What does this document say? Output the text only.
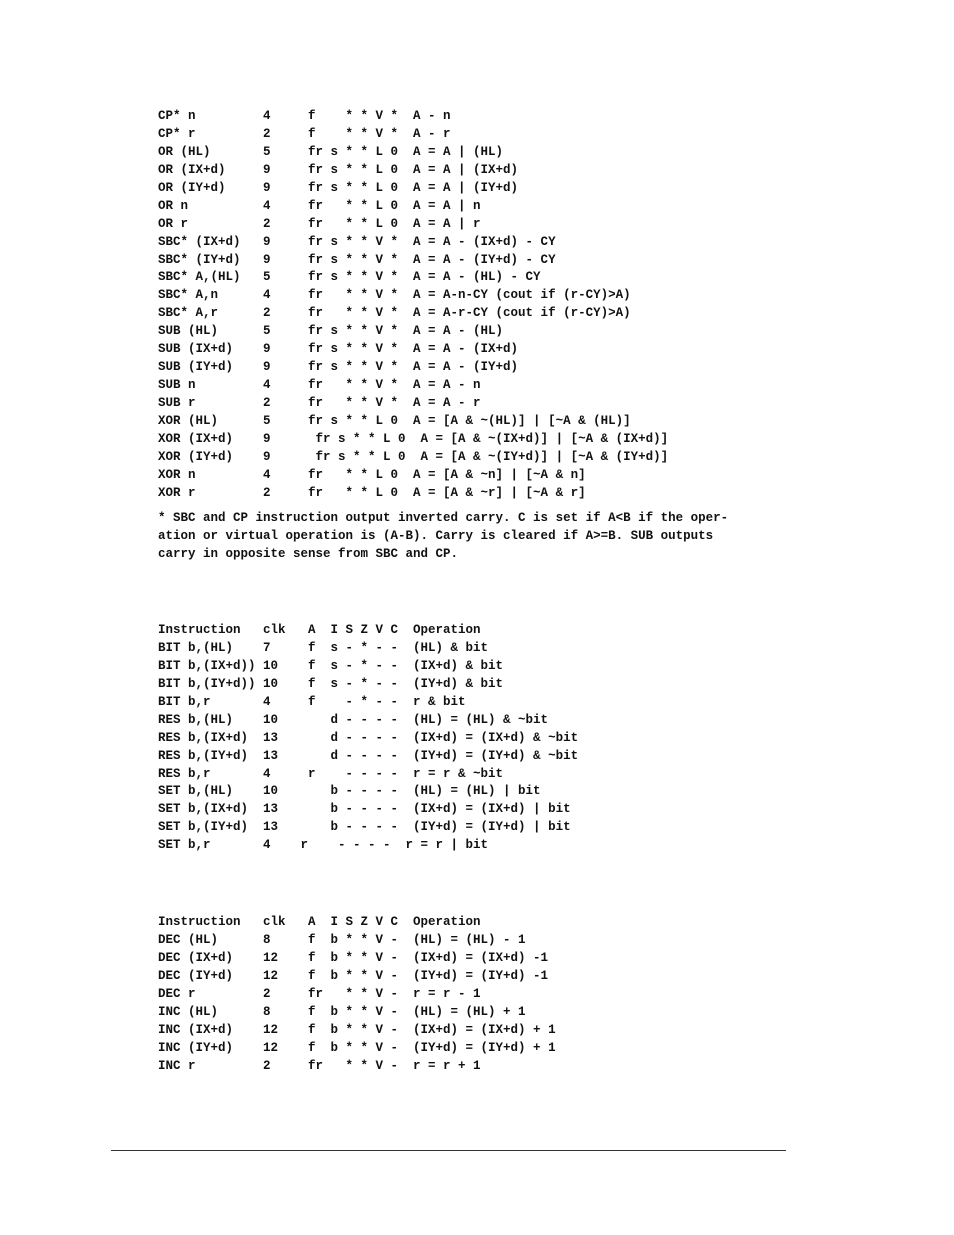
CP* n         4     f    * * V *  A - n
CP* r         2     f    * * V *  A - r
OR (HL)       5     fr s * * L 0  A = A | (HL)
OR (IX+d)     9     fr s * * L 0  A = A | (IX+d)
OR (IY+d)     9     fr s * * L 0  A = A | (IY+d)
OR n          4     fr   * * L 0  A = A | n
OR r          2     fr   * * L 0  A = A | r
SBC* (IX+d)   9     fr s * * V *  A = A - (IX+d) - CY
SBC* (IY+d)   9     fr s * * V *  A = A - (IY+d) - CY
SBC* A,(HL)   5     fr s * * V *  A = A - (HL) - CY
SBC* A,n      4     fr   * * V *  A = A-n-CY (cout if (r-CY)>A)
SBC* A,r      2     fr   * * V *  A = A-r-CY (cout if (r-CY)>A)
SUB (HL)      5     fr s * * V *  A = A - (HL)
SUB (IX+d)    9     fr s * * V *  A = A - (IX+d)
SUB (IY+d)    9     fr s * * V *  A = A - (IY+d)
SUB n         4     fr   * * V *  A = A - n
SUB r         2     fr   * * V *  A = A - r
XOR (HL)      5     fr s * * L 0  A = [A & ~(HL)] | [~A & (HL)]
XOR (IX+d)    9      fr s * * L 0  A = [A & ~(IX+d)] | [~A & (IX+d)]
XOR (IY+d)    9      fr s * * L 0  A = [A & ~(IY+d)] | [~A & (IY+d)]
XOR n         4     fr   * * L 0  A = [A & ~n] | [~A & n]
XOR r         2     fr   * * L 0  A = [A & ~r] | [~A & r]
* SBC and CP instruction output inverted carry. C is set if A<B if the oper-
ation or virtual operation is (A-B). Carry is cleared if A>=B. SUB outputs
carry in opposite sense from SBC and CP.
Instruction   clk   A  I S Z V C  Operation
BIT b,(HL)    7     f  s - * - -  (HL) & bit
BIT b,(IX+d)) 10    f  s - * - -  (IX+d) & bit
BIT b,(IY+d)) 10    f  s - * - -  (IY+d) & bit
BIT b,r       4     f    - * - -  r & bit
RES b,(HL)    10       d - - - -  (HL) = (HL) & ~bit
RES b,(IX+d)  13       d - - - -  (IX+d) = (IX+d) & ~bit
RES b,(IY+d)  13       d - - - -  (IY+d) = (IY+d) & ~bit
RES b,r       4     r    - - - -  r = r & ~bit
SET b,(HL)    10       b - - - -  (HL) = (HL) | bit
SET b,(IX+d)  13       b - - - -  (IX+d) = (IX+d) | bit
SET b,(IY+d)  13       b - - - -  (IY+d) = (IY+d) | bit
SET b,r       4    r    - - - -  r = r | bit
Instruction   clk   A  I S Z V C  Operation
DEC (HL)      8     f  b * * V -  (HL) = (HL) - 1
DEC (IX+d)    12    f  b * * V -  (IX+d) = (IX+d) -1
DEC (IY+d)    12    f  b * * V -  (IY+d) = (IY+d) -1
DEC r         2     fr   * * V -  r = r - 1
INC (HL)      8     f  b * * V -  (HL) = (HL) + 1
INC (IX+d)    12    f  b * * V -  (IX+d) = (IX+d) + 1
INC (IY+d)    12    f  b * * V -  (IY+d) = (IY+d) + 1
INC r         2     fr   * * V -  r = r + 1
